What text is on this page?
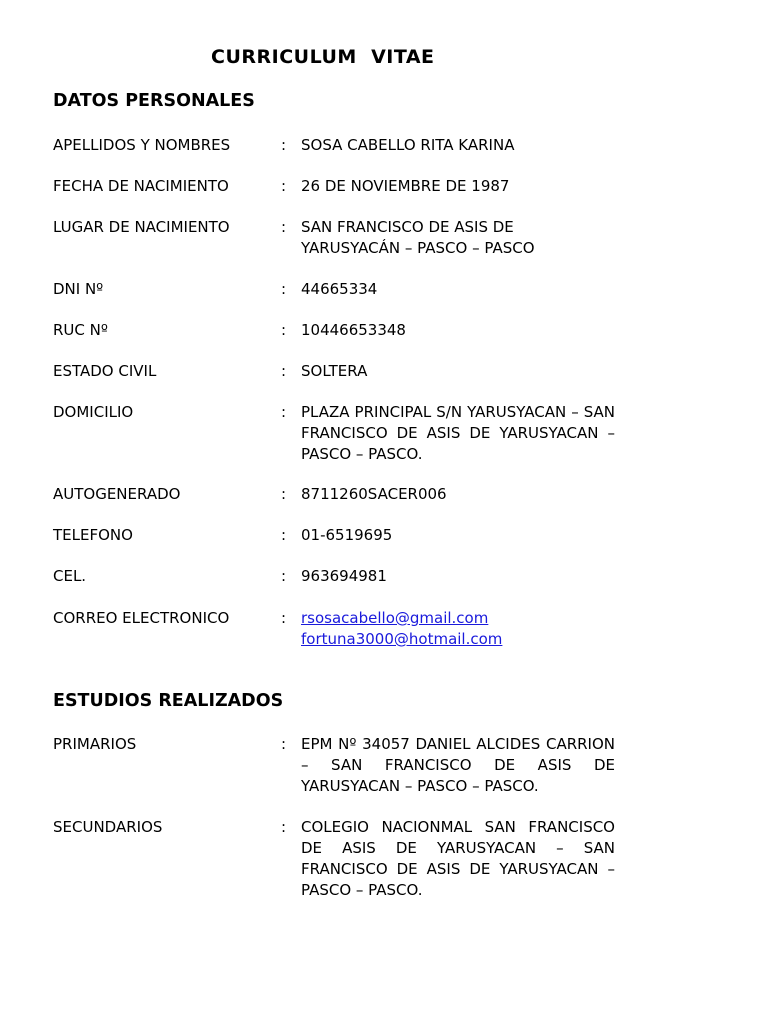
CURRICULUM  VITAE
DATOS PERSONALES
APELLIDOS Y NOMBRES	: SOSA CABELLO RITA KARINA
FECHA DE NACIMIENTO	: 26 DE NOVIEMBRE DE 1987
LUGAR DE NACIMIENTO	: SAN FRANCISCO DE ASIS DE
YARUSYACÁN – PASCO – PASCO
DNI Nº	: 44665334
RUC Nº	: 10446653348
ESTADO CIVIL	: SOLTERA
DOMICILIO	: PLAZA PRINCIPAL S/N YARUSYACAN – SAN FRANCISCO DE ASIS DE YARUSYACAN – PASCO – PASCO.
AUTOGENERADO	: 8711260SACER006
TELEFONO	: 01-6519695
CEL.	: 963694981
CORREO ELECTRONICO	: rsosacabello@gmail.com
fortuna3000@hotmail.com
ESTUDIOS REALIZADOS
PRIMARIOS	: EPM Nº 34057 DANIEL ALCIDES CARRION – SAN FRANCISCO DE ASIS DE YARUSYACAN – PASCO – PASCO.
SECUNDARIOS	: COLEGIO NACIONMAL SAN FRANCISCO DE ASIS DE YARUSYACAN – SAN FRANCISCO DE ASIS DE YARUSYACAN – PASCO – PASCO.
